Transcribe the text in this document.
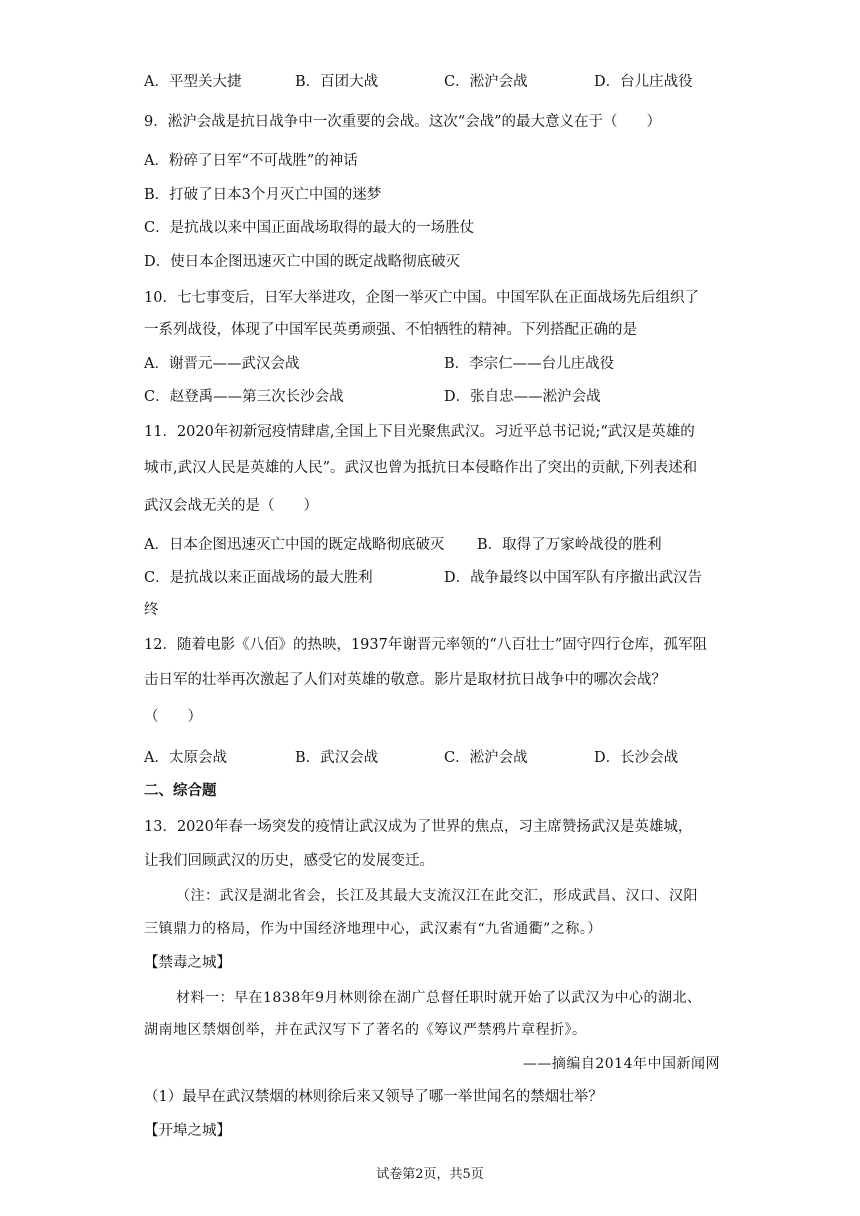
A．平型关大捷	B．百团大战	C．淞沪会战	D．台儿庄战役
9．淞沪会战是抗日战争中一次重要的会战。这次“会战”的最大意义在于（　　）
A．粉碎了日军“不可战胜”的神话
B．打破了日本3个月灭亡中国的迷梦
C．是抗战以来中国正面战场取得的最大的一场胜仗
D．使日本企图迅速灭亡中国的既定战略彻底破灭
10．七七事变后，日军大举进攻，企图一举灭亡中国。中国军队在正面战场先后组织了
一系列战役，体现了中国军民英勇顽强、不怕牺牲的精神。下列搭配正确的是
A．谢晋元——武汉会战	B．李宗仁——台儿庄战役
C．赵登禹——第三次长沙会战	D．张自忠——淞沪会战
11．2020年初新冠疫情肆虐,全国上下目光聚焦武汉。习近平总书记说;“武汉是英雄的
城市,武汉人民是英雄的人民”。武汉也曾为抵抗日本侵略作出了突出的贡献,下列表述和
武汉会战无关的是（　　）
A．日本企图迅速灭亡中国的既定战略彻底破灭 B．取得了万家岭战役的胜利
C．是抗战以来正面战场的最大胜利	D．战争最终以中国军队有序撤出武汉告
终
12．随着电影《八佰》的热映，1937年谢晋元率领的“八百壮士”固守四行仓库，孤军阻
击日军的壮举再次激起了人们对英雄的敬意。影片是取材抗日战争中的哪次会战？
（　　）
A．太原会战	B．武汉会战	C．淞沪会战	D．长沙会战
二、综合题
13．2020年春一场突发的疫情让武汉成为了世界的焦点，习主席赞扬武汉是英雄城，
让我们回顾武汉的历史，感受它的发展变迁。
（注：武汉是湖北省会，长江及其最大支流汉江在此交汇，形成武昌、汉口、汉阳
三镇鼎力的格局，作为中国经济地理中心，武汉素有“九省通衢”之称。）
【禁毒之城】
材料一：早在1838年9月林则徐在湖广总督任职时就开始了以武汉为中心的湖北、
湖南地区禁烟创举，并在武汉写下了著名的《筹议严禁鸦片章程折》。
——摘编自2014年中国新闻网
（1）最早在武汉禁烟的林则徐后来又领导了哪一举世闻名的禁烟壮举？
【开埠之城】
试卷第2页，共5页
